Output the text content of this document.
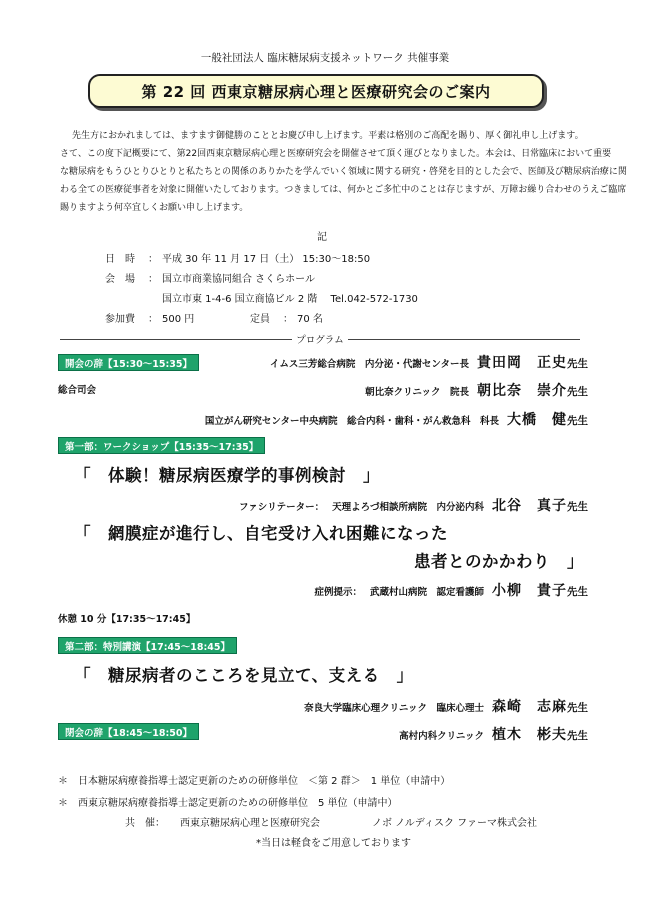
一般社団法人 臨床糖尿病支援ネットワーク 共催事業
第 22 回 西東京糖尿病心理と医療研究会のご案内
先生方におかれましては、ますます御健勝のこととお慶び申し上げます。平素は格別のご高配を賜り、厚く御礼申し上げます。
さて、この度下記概要にて、第22回西東京糖尿病心理と医療研究会を開催させて頂く運びとなりました。本会は、日常臨床において重要
な糖尿病をもうひとりひとりと私たちとの関係のありかたを学んでいく領域に関する研究・啓発を目的とした会で、医師及び糖尿病治療に関
わる全ての医療従事者を対象に開催いたしております。つきましては、何かとご多忙中のことは存じますが、万障お繰り合わせのうえご臨席
賜りますよう何卒宜しくお願い申し上げます。
記
日　時 ： 平成 30 年 11 月 17 日（土） 15:30～18:50
会　場 ： 国立市商業協同組合 さくらホール
国立市東 1-4-6 国立商協ビル 2 階　 Tel.042-572-1730
参加費 ： 500 円	定員 ： 70 名
プログラム
開会の辞【15:30～15:35】	イムス三芳総合病院　内分泌・代謝センター長 貴田岡　正史 先生
総合司会	朝比奈クリニック　院長 朝比奈　崇介 先生
国立がん研究センター中央病院　総合内科・歯科・がん救急科　科長 大橋　健 先生
第一部：ワークショップ【15:35～17:35】
「　体験！糖尿病医療学的事例検討　」
ファシリテーター： 天理よろづ相談所病院　内分泌内科 北谷　真子 先生
「　網膜症が進行し、自宅受け入れ困難になった
患者とのかかわり　」
症例提示： 武蔵村山病院　認定看護師 小柳　貴子 先生
休憩 10 分【17:35～17:45】
第二部：特別講演【17:45～18:45】
「　糖尿病者のこころを見立て、支える　」
奈良大学臨床心理クリニック　臨床心理士 森崎　志麻 先生
閉会の辞【18:45～18:50】	高村内科クリニック 植木　彬夫 先生
＊　日本糖尿病療養指導士認定更新のための研修単位　＜第 2 群＞　1 単位（申請中）
＊　西東京糖尿病療養指導士認定更新のための研修単位　5 単位（申請中）
共　催： 西東京糖尿病心理と医療研究会	ノボ ノルディスク ファーマ株式会社
*当日は軽食をご用意しております
